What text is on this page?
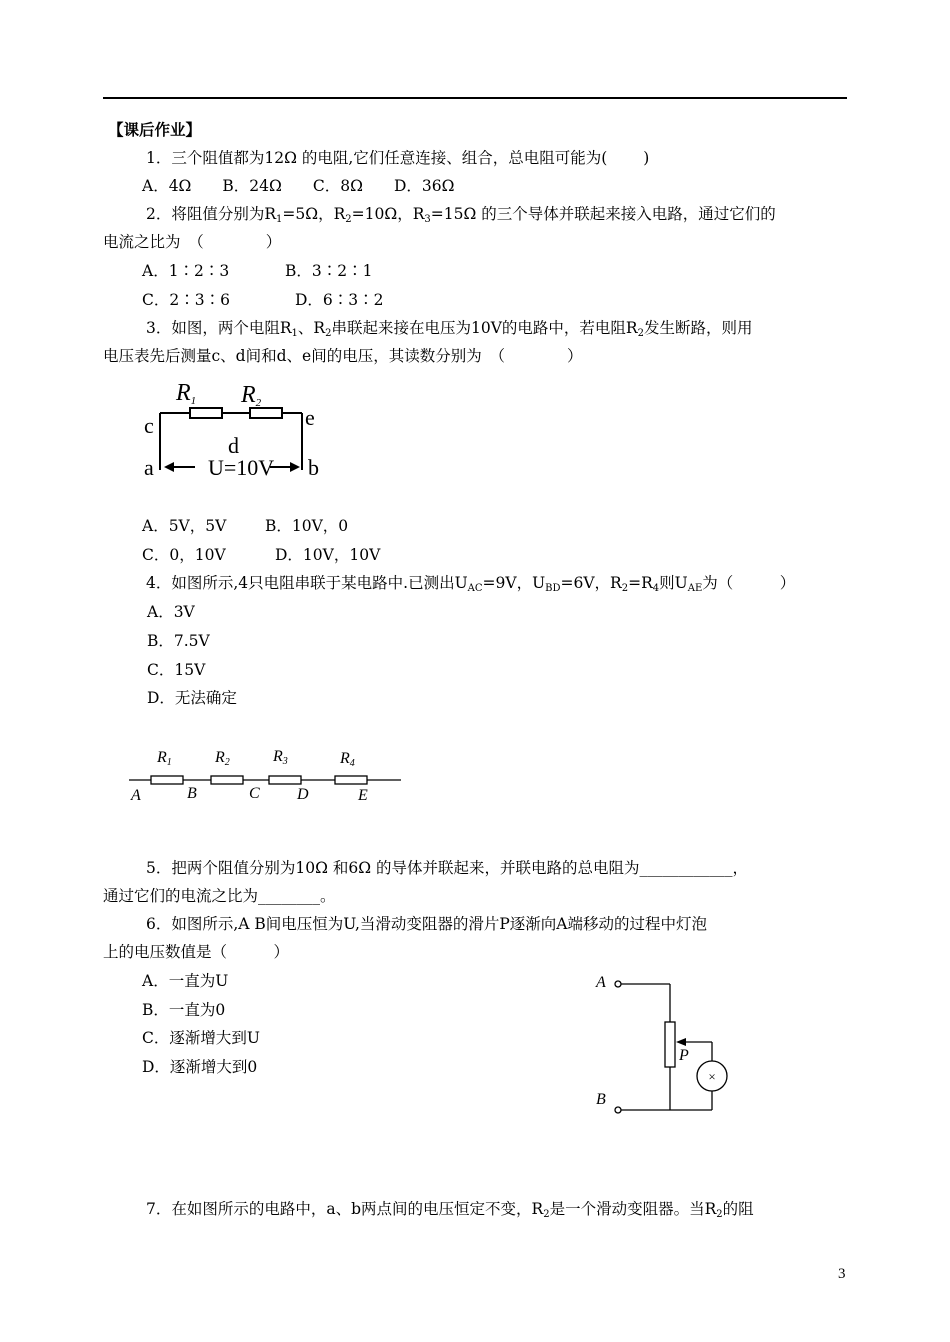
【课后作业】
1．三个阻值都为12Ω 的电阻,它们任意连接、组合，总电阻可能为(　　 )
A．4Ω　　B．24Ω　　C．8Ω　　D．36Ω
2．将阻值分别为$R_1=5\Omega$，$R_2=10\Omega$，$R_3=15\Omega$ 的三个导体并联起来接入电路，通过它们的
电流之比为　（　　　　）
A．1∶2∶3	B．3∶2∶1
C．2∶3∶6	D．6∶3∶2
3．如图，两个电阻$R_1$、$R_2$串联起来接在电压为10V的电路中，若电阻$R_2$发生断路，则用
电压表先后测量c、d间和d、e间的电压，其读数分别为　（　　　　）
R1 R2
c
d
e
a	b
U=10V
A．5V，5V B．10V，0
C．0，10V	D．10V，10V
4．如图所示,4只电阻串联于某电路中.已测出$U_{AC}=9V$，$U_{BD}=6V$，$R_2=R_4$则$U_{AE}$为（　　　）
A．3V
B．7.5V
C．15V
D．无法确定
R1	R2	R3	R4
A	B	C D	E
5．把两个阻值分别为10Ω 和6Ω 的导体并联起来，并联电路的总电阻为____________，
通过它们的电流之比为________。
6．如图所示,A B间电压恒为U,当滑动变阻器的滑片P逐渐向A端移动的过程中灯泡
上的电压数值是（　　　）
A．一直为U
B．一直为0
C．逐渐增大到U
D．逐渐增大到0
A
B
P
×
7．在如图所示的电路中，a、b两点间的电压恒定不变，$R_2$是一个滑动变阻器。当$R_2$的阻
3
